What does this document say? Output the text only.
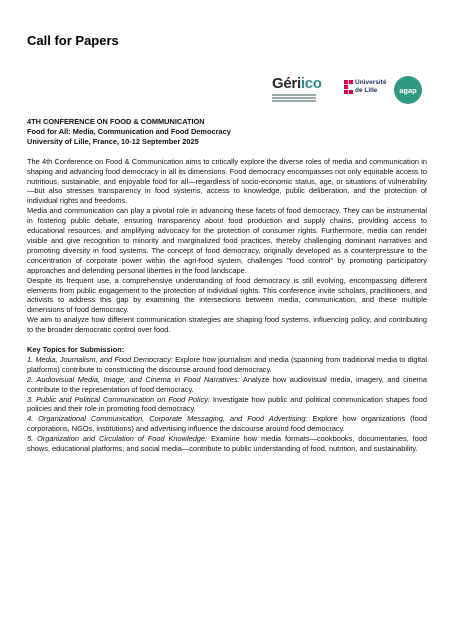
Call for Papers
Gériico	Université
de Lille	agap
4TH CONFERENCE ON FOOD & COMMUNICATION
Food for All: Media, Communication and Food Democracy
University of Lille, France, 10-12 September 2025

The 4th Conference on Food & Communication aims to critically explore the diverse roles of media and communication in shaping and advancing food democracy in all its dimensions. Food democracy encompasses not only equitable access to nutritious, sustainable, and enjoyable food for all—regardless of socio-economic status, age, or situations of vulnerability—but also stresses transparency in food systems, access to knowledge, public deliberation, and the protection of individual rights and freedoms.

Media and communication can play a pivotal role in advancing these facets of food democracy. They can be instrumental in fostering public debate, ensuring transparency about food production and supply chains, providing access to educational resources, and amplifying advocacy for the protection of consumer rights. Furthermore, media can render visible and give recognition to minority and marginalized food practices, thereby challenging dominant narratives and promoting diversity in food systems. The concept of food democracy, originally developed as a counterpressure to the concentration of corporate power within the agri-food system, challenges "food control" by promoting participatory approaches and defending personal liberties in the food landscape.

Despite its frequent use, a comprehensive understanding of food democracy is still evolving, encompassing different elements from public engagement to the protection of individual rights. This conference invite scholars, practitioners, and activists to address this gap by examining the intersections between media, communication, and these multiple dimensions of food democracy.

We aim to analyze how different communication strategies are shaping food systems, influencing policy, and contributing to the broader democratic control over food.

Key Topics for Submission:

1. Media, Journalism, and Food Democracy: Explore how journalism and media (spanning from traditional media to digital platforms) contribute to constructing the discourse around food democracy.

2. Audiovisual Media, Image, and Cinema in Food Narratives: Analyze how audiovisual media, imagery, and cinema contribute to the representation of food democracy.

3. Public and Political Communication on Food Policy: Investigate how public and political communication shapes food policies and their role in promoting food democracy.

4. Organizational Communication, Corporate Messaging, and Food Advertising: Explore how organizations (food corporations, NGOs, institutions) and advertising influence the discourse around food democracy.

5. Organization and Circulation of Food Knowledge: Examine how media formats—cookbooks, documentaries, food shows, educational platforms, and social media—contribute to public understanding of food, nutrition, and sustainability.
